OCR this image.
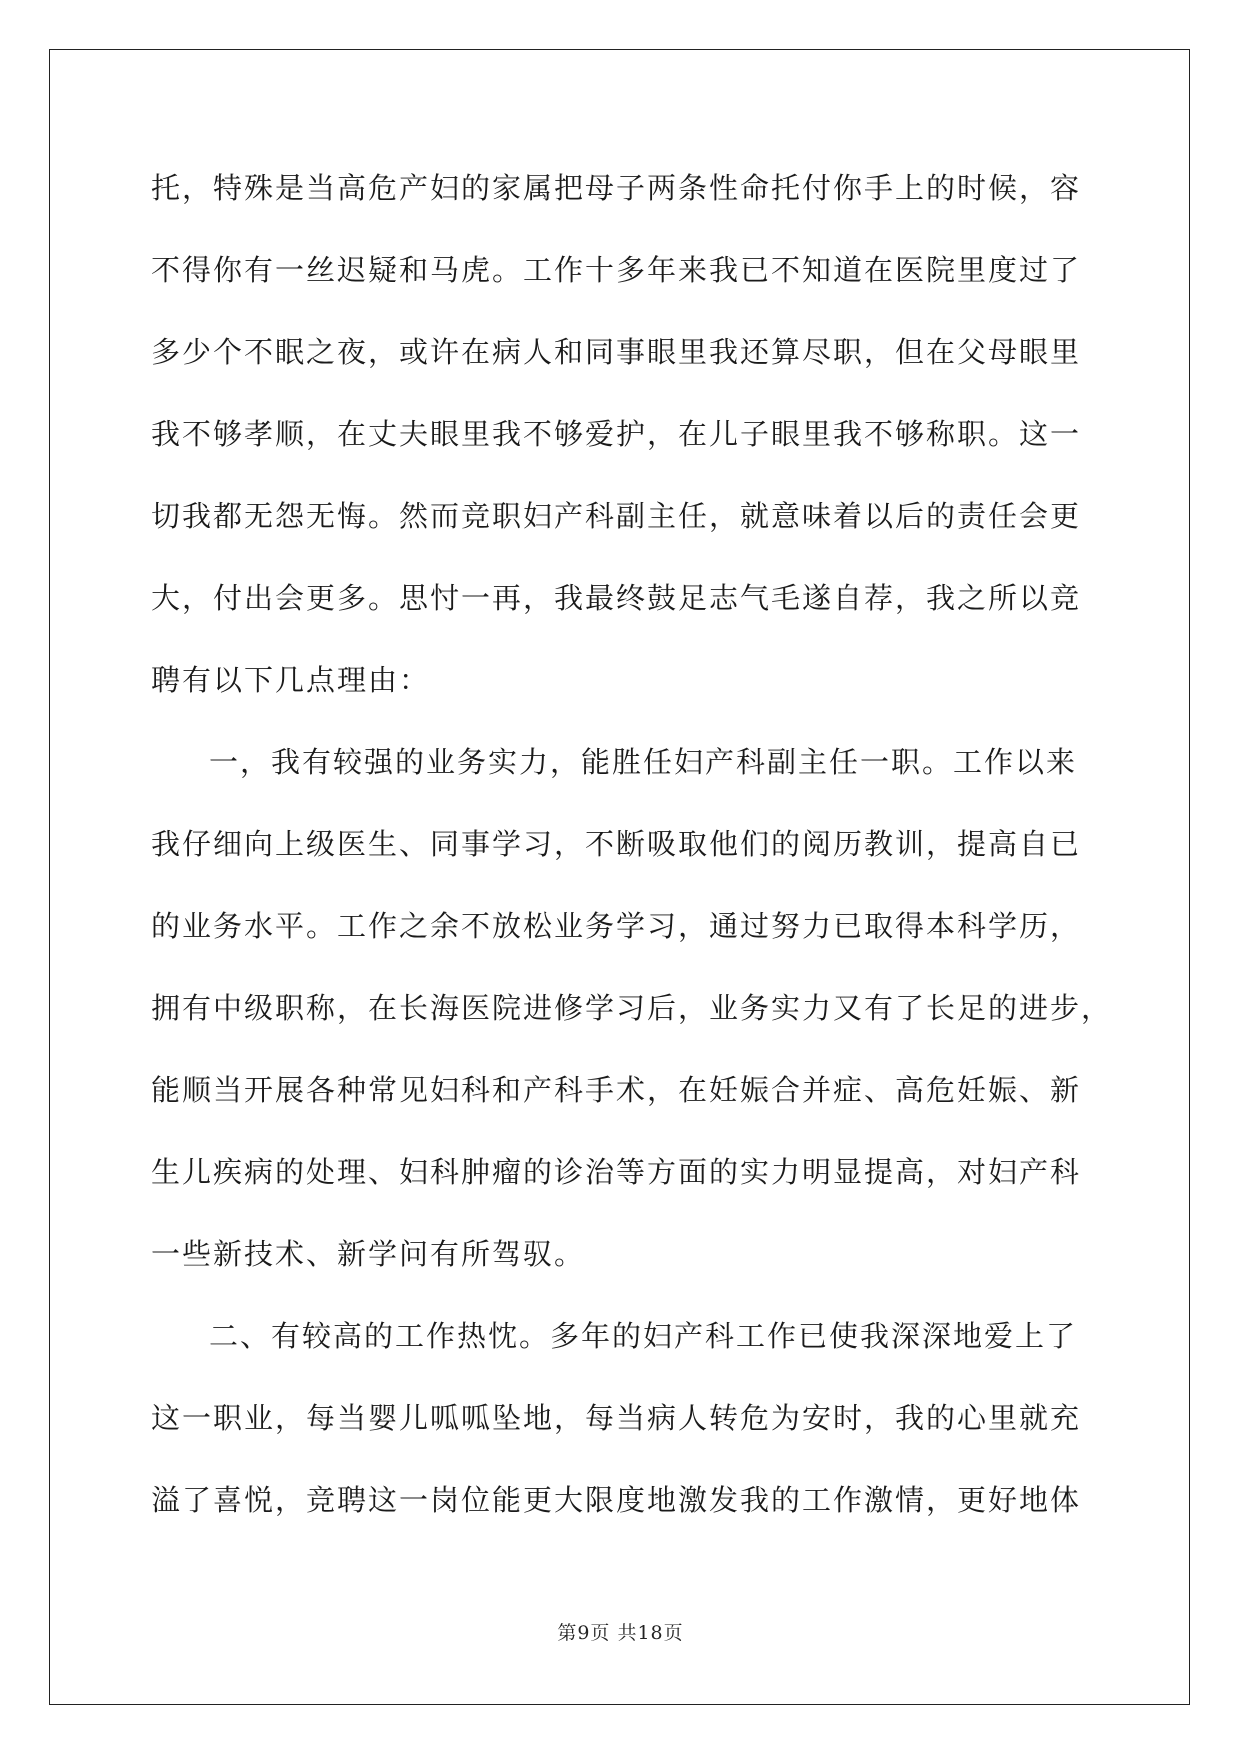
托，特殊是当高危产妇的家属把母子两条性命托付你手上的时候，容
不得你有一丝迟疑和马虎。工作十多年来我已不知道在医院里度过了
多少个不眠之夜，或许在病人和同事眼里我还算尽职，但在父母眼里
我不够孝顺，在丈夫眼里我不够爱护，在儿子眼里我不够称职。这一
切我都无怨无悔。然而竞职妇产科副主任，就意味着以后的责任会更
大，付出会更多。思忖一再，我最终鼓足志气毛遂自荐，我之所以竞
聘有以下几点理由：
一，我有较强的业务实力，能胜任妇产科副主任一职。工作以来
我仔细向上级医生、同事学习，不断吸取他们的阅历教训，提高自已
的业务水平。工作之余不放松业务学习，通过努力已取得本科学历，
拥有中级职称，在长海医院进修学习后，业务实力又有了长足的进步，
能顺当开展各种常见妇科和产科手术，在妊娠合并症、高危妊娠、新
生儿疾病的处理、妇科肿瘤的诊治等方面的实力明显提高，对妇产科
一些新技术、新学问有所驾驭。
二、有较高的工作热忱。多年的妇产科工作已使我深深地爱上了
这一职业，每当婴儿呱呱坠地，每当病人转危为安时，我的心里就充
溢了喜悦，竞聘这一岗位能更大限度地激发我的工作激情，更好地体
第9页 共18页
